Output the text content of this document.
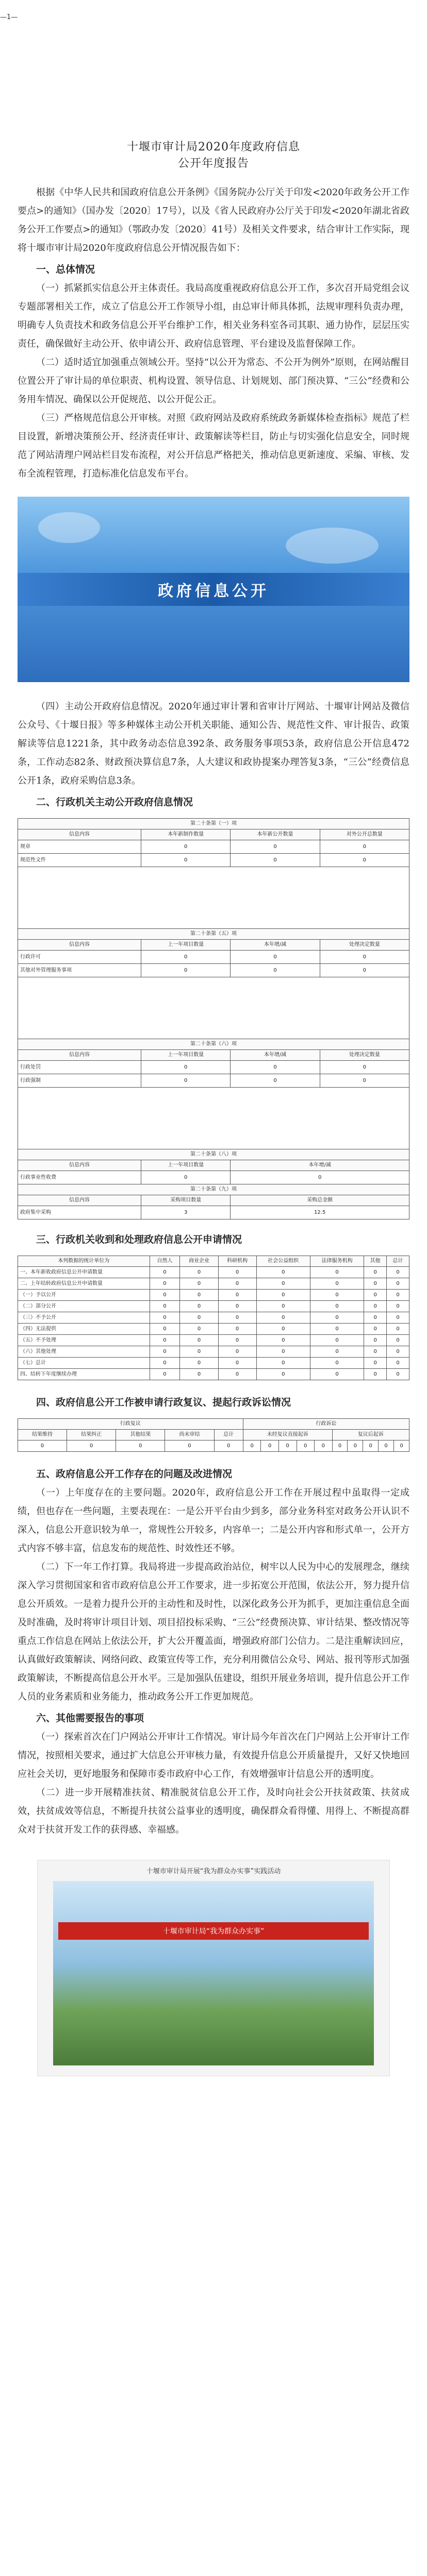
—1—
十堰市审计局2020年度政府信息
公开年度报告

根据《中华人民共和国政府信息公开条例》《国务院办公厅关于印发<2020年政务公开工作要点>的通知》（国办发〔2020〕17号），以及《省人民政府办公厅关于印发<2020年湖北省政务公开工作要点>的通知》（鄂政办发〔2020〕41号）及相关文件要求，结合审计工作实际，现将十堰市审计局2020年度政府信息公开情况报告如下：

一、总体情况

（一）抓紧抓实信息公开主体责任。我局高度重视政府信息公开工作，多次召开局党组会议专题部署相关工作，成立了信息公开工作领导小组，由总审计师具体抓，法规审理科负责办理，明确专人负责技术和政务信息公开平台维护工作，相关业务科室各司其职、通力协作，层层压实责任，确保做好主动公开、依申请公开、政府信息管理、平台建设及监督保障工作。

（二）适时适宜加强重点领域公开。坚持“以公开为常态、不公开为例外”原则，在网站醒目位置公开了审计局的单位职责、机构设置、领导信息、计划规划、部门预决算、“三公”经费和公务用车情况、确保以公开促规范、以公开促公正。

（三）严格规范信息公开审核。对照《政府网站及政府系统政务新媒体检查指标》规范了栏目设置，新增决策预公开、经济责任审计、政策解读等栏目，防止与切实强化信息安全，同时规范了网站清理户网站栏目发布流程，对公开信息严格把关，推动信息更新速度、采编、审核、发布全流程管理，打造标准化信息发布平台。

政府信息公开

（四）主动公开政府信息情况。2020年通过审计署和省审计厅网站、十堰审计网站及微信公众号、《十堰日报》等多种媒体主动公开机关职能、通知公告、规范性文件、审计报告、政策解读等信息1221条，其中政务动态信息392条、政务服务事项53条，政府信息公开信息472条，工作动态82条、财政预决算信息7条，人大建议和政协提案办理答复3条，“三公”经费信息公开1条，政府采购信息3条。

二、行政机关主动公开政府信息情况
第二十条第（一）项			
信息内容	本年新制作数量	本年新公开数量	对外公开总数量
规章	0	0	0
规范性文件	0	0	0

第二十条第（五）项			
信息内容	上一年项目数量	本年增/减	处理决定数量
行政许可	0	0	0
其他对外管理服务事项	0	0	0

第二十条第（六）项			
信息内容	上一年项目数量	本年增/减	处理决定数量
行政处罚	0	0	0
行政强制	0	0	0

第二十条第（八）项			
信息内容	上一年项目数量	本年增/减	
行政事业性收费	0	0	
第二十条第（九）项			
信息内容	采购项目数量	采购总金额	
政府集中采购	3	12.5	
三、行政机关收到和处理政府信息公开申请情况
本列数据的统计单位为	自然人	商业企业	科研机构	社会公益组织	法律服务机构	其他	总计
一、本年新收政府信息公开申请数量	0	0	0	0	0	0	0
二、上年结转政府信息公开申请数量	0	0	0	0	0	0	0
（一）予以公开	0	0	0	0	0	0	0
（二）部分公开	0	0	0	0	0	0	0
（三）不予公开	0	0	0	0	0	0	0
（四）无法提供	0	0	0	0	0	0	0
（五）不予处理	0	0	0	0	0	0	0
（六）其他处理	0	0	0	0	0	0	0
（七）总计	0	0	0	0	0	0	0
四、结转下年度继续办理	0	0	0	0	0	0	0
四、政府信息公开工作被申请行政复议、提起行政诉讼情况
行政复议					行政诉讼									
结果维持	结果纠正	其他结果	尚未审结	总计	未经复议直接起诉					复议后起诉				
0	0	0	0	0	0	0	0	0	0	0	0	0	0	0
五、政府信息公开工作存在的问题及改进情况

（一）上年度存在的主要问题。2020年，政府信息公开工作在开展过程中虽取得一定成绩，但也存在一些问题，主要表现在：一是公开平台由少到多，部分业务科室对政务公开认识不深入，信息公开意识较为单一，常规性公开较多，内容单一；二是公开内容和形式单一，公开方式内容不够丰富，信息发布的规范性、时效性还不够。

（二）下一年工作打算。我局将进一步提高政治站位，树牢以人民为中心的发展理念，继续深入学习贯彻国家和省市政府信息公开工作要求，进一步拓宽公开范围，依法公开，努力提升信息公开质效。一是着力提升公开的主动性和及时性，以深化政务公开为抓手，更加注重信息全面及时准确，及时将审计项目计划、项目招投标采购、“三公”经费预决算、审计结果、整改情况等重点工作信息在网站上依法公开，扩大公开覆盖面，增强政府部门公信力。二是注重解读回应，认真做好政策解读、网络问政、政策宣传等工作，充分利用微信公众号、网站、报刊等形式加强政策解读，不断提高信息公开水平。三是加强队伍建设，组织开展业务培训，提升信息公开工作人员的业务素质和业务能力，推动政务公开工作更加规范。

六、其他需要报告的事项

（一）探索首次在门户网站公开审计工作情况。审计局今年首次在门户网站上公开审计工作情况，按照相关要求，通过扩大信息公开审核力量，有效提升信息公开质量提升，又好又快地回应社会关切，更好地服务和保障市委市政府中心工作，有效增强审计信息公开的透明度。

（二）进一步开展精准扶贫、精准脱贫信息公开工作，及时向社会公开扶贫政策、扶贫成效，扶贫成效等信息，不断提升扶贫公益事业的透明度，确保群众看得懂、用得上、不断提高群众对于扶贫开发工作的获得感、幸福感。

十堰市审计局开展“我为群众办实事”实践活动
十堰市审计局“我为群众办实事”
